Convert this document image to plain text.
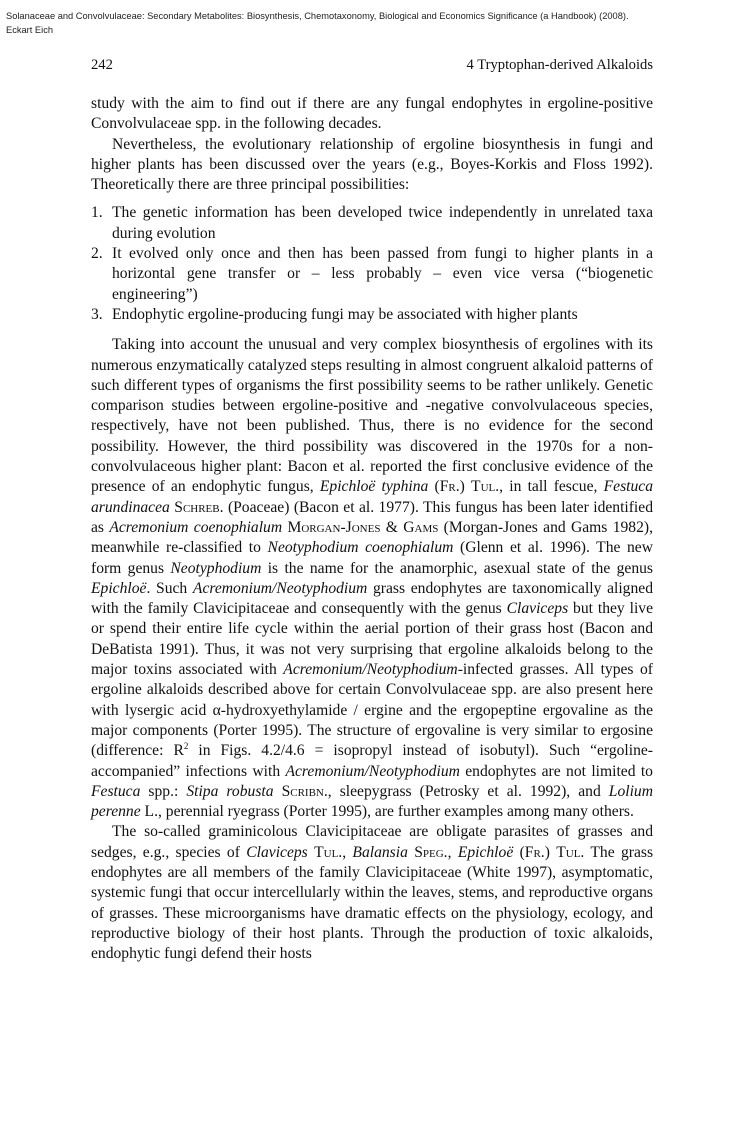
Solanaceae and Convolvulaceae: Secondary Metabolites: Biosynthesis, Chemotaxonomy, Biological and Economics Significance (a Handbook) (2008).
Eckart Eich
242	4 Tryptophan-derived Alkaloids

study with the aim to find out if there are any fungal endophytes in ergoline-positive Convolvulaceae spp. in the following decades.

Nevertheless, the evolutionary relationship of ergoline biosynthesis in fungi and higher plants has been discussed over the years (e.g., Boyes-Korkis and Floss 1992). Theoretically there are three principal possibilities:

1. The genetic information has been developed twice independently in unrelated taxa during evolution
2. It evolved only once and then has been passed from fungi to higher plants in a horizontal gene transfer or – less probably – even vice versa (“biogenetic engineering”)
3. Endophytic ergoline-producing fungi may be associated with higher plants

Taking into account the unusual and very complex biosynthesis of ergolines with its numerous enzymatically catalyzed steps resulting in almost congruent alkaloid patterns of such different types of organisms the first possibility seems to be rather unlikely. Genetic comparison studies between ergoline-positive and -negative convolvulaceous species, respectively, have not been published. Thus, there is no evidence for the second possibility. However, the third possibility was discovered in the 1970s for a non-convolvulaceous higher plant: Bacon et al. reported the first conclusive evidence of the presence of an endophytic fungus, Epichloë typhina (Fr.) Tul., in tall fescue, Festuca arundinacea Schreb. (Poaceae) (Bacon et al. 1977). This fungus has been later identified as Acremonium coenophialum Morgan-Jones & Gams (Morgan-Jones and Gams 1982), meanwhile re-classified to Neotyphodium coenophialum (Glenn et al. 1996). The new form genus Neotyphodium is the name for the anamorphic, asexual state of the genus Epichloë. Such Acremonium/Neotyphodium grass endophytes are taxonomically aligned with the family Clavicipitaceae and consequently with the genus Claviceps but they live or spend their entire life cycle within the aerial portion of their grass host (Bacon and DeBatista 1991). Thus, it was not very surprising that ergoline alkaloids belong to the major toxins associated with Acremonium/Neotyphodium-infected grasses. All types of ergoline alkaloids described above for certain Convolvulaceae spp. are also present here with lysergic acid α-hydroxyethylamide / ergine and the ergopeptine ergovaline as the major components (Porter 1995). The structure of ergovaline is very similar to ergosine (difference: $R^2$ in Figs. 4.2/4.6 = isopropyl instead of isobutyl). Such “ergoline-accompanied” infections with Acremonium/Neotyphodium endophytes are not limited to Festuca spp.: Stipa robusta Scribn., sleepygrass (Petrosky et al. 1992), and Lolium perenne L., perennial ryegrass (Porter 1995), are further examples among many others.

The so-called graminicolous Clavicipitaceae are obligate parasites of grasses and sedges, e.g., species of Claviceps Tul., Balansia Speg., Epichloë (Fr.) Tul. The grass endophytes are all members of the family Clavicipitaceae (White 1997), asymptomatic, systemic fungi that occur intercellularly within the leaves, stems, and reproductive organs of grasses. These microorganisms have dramatic effects on the physiology, ecology, and reproductive biology of their host plants. Through the production of toxic alkaloids, endophytic fungi defend their hosts
